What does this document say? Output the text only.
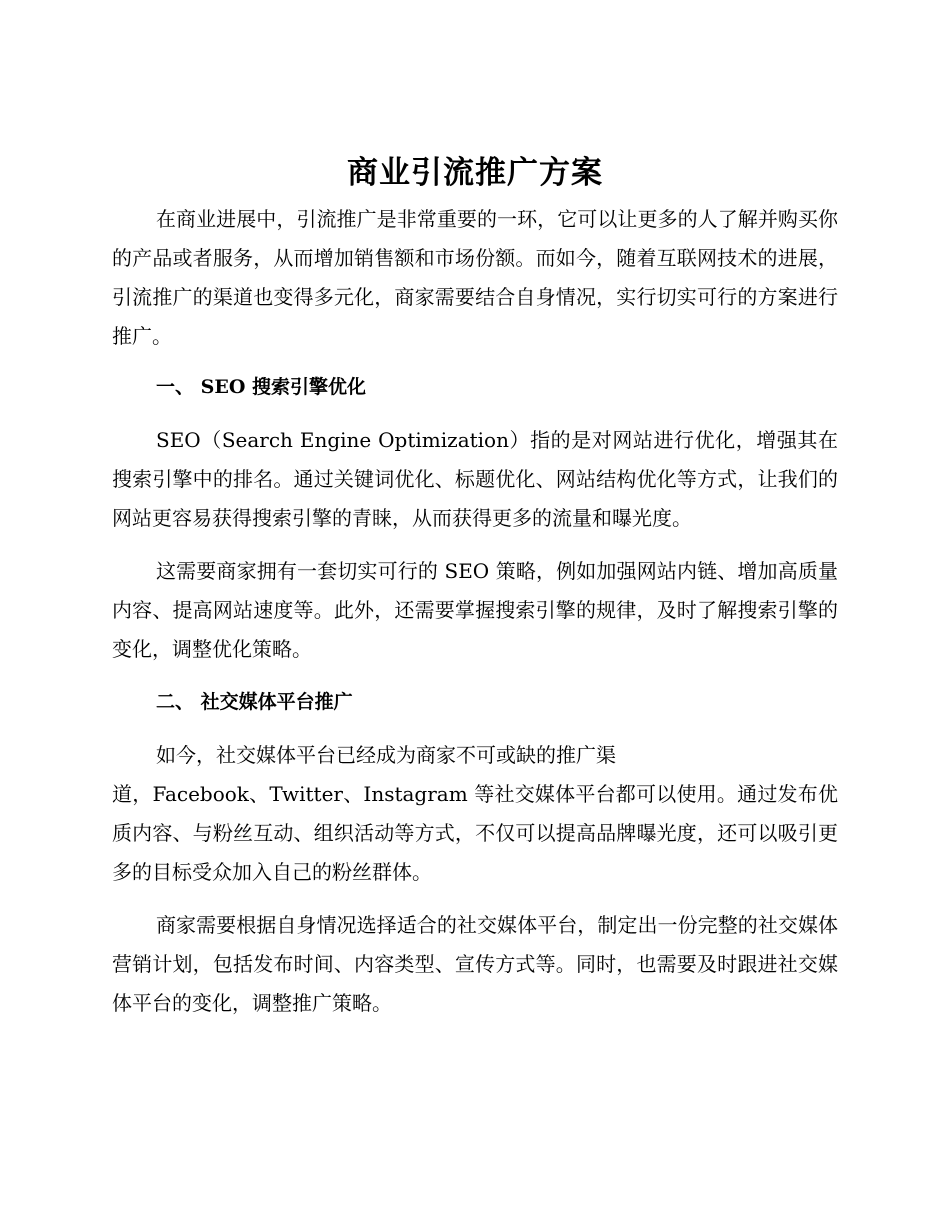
商业引流推广方案

在商业进展中，引流推广是非常重要的一环，它可以让更多的人了解并购买你的产品或者服务，从而增加销售额和市场份额。而如今，随着互联网技术的进展，引流推广的渠道也变得多元化，商家需要结合自身情况，实行切实可行的方案进行推广。

一、 SEO 搜索引擎优化

SEO（Search Engine Optimization）指的是对网站进行优化，增强其在搜索引擎中的排名。通过关键词优化、标题优化、网站结构优化等方式，让我们的网站更容易获得搜索引擎的青睐，从而获得更多的流量和曝光度。

这需要商家拥有一套切实可行的 SEO 策略，例如加强网站内链、增加高质量内容、提高网站速度等。此外，还需要掌握搜索引擎的规律，及时了解搜索引擎的变化，调整优化策略。

二、 社交媒体平台推广

如今，社交媒体平台已经成为商家不可或缺的推广渠
道，Facebook、Twitter、Instagram 等社交媒体平台都可以使用。通过发布优质内容、与粉丝互动、组织活动等方式，不仅可以提高品牌曝光度，还可以吸引更多的目标受众加入自己的粉丝群体。

商家需要根据自身情况选择适合的社交媒体平台，制定出一份完整的社交媒体营销计划，包括发布时间、内容类型、宣传方式等。同时，也需要及时跟进社交媒体平台的变化，调整推广策略。
